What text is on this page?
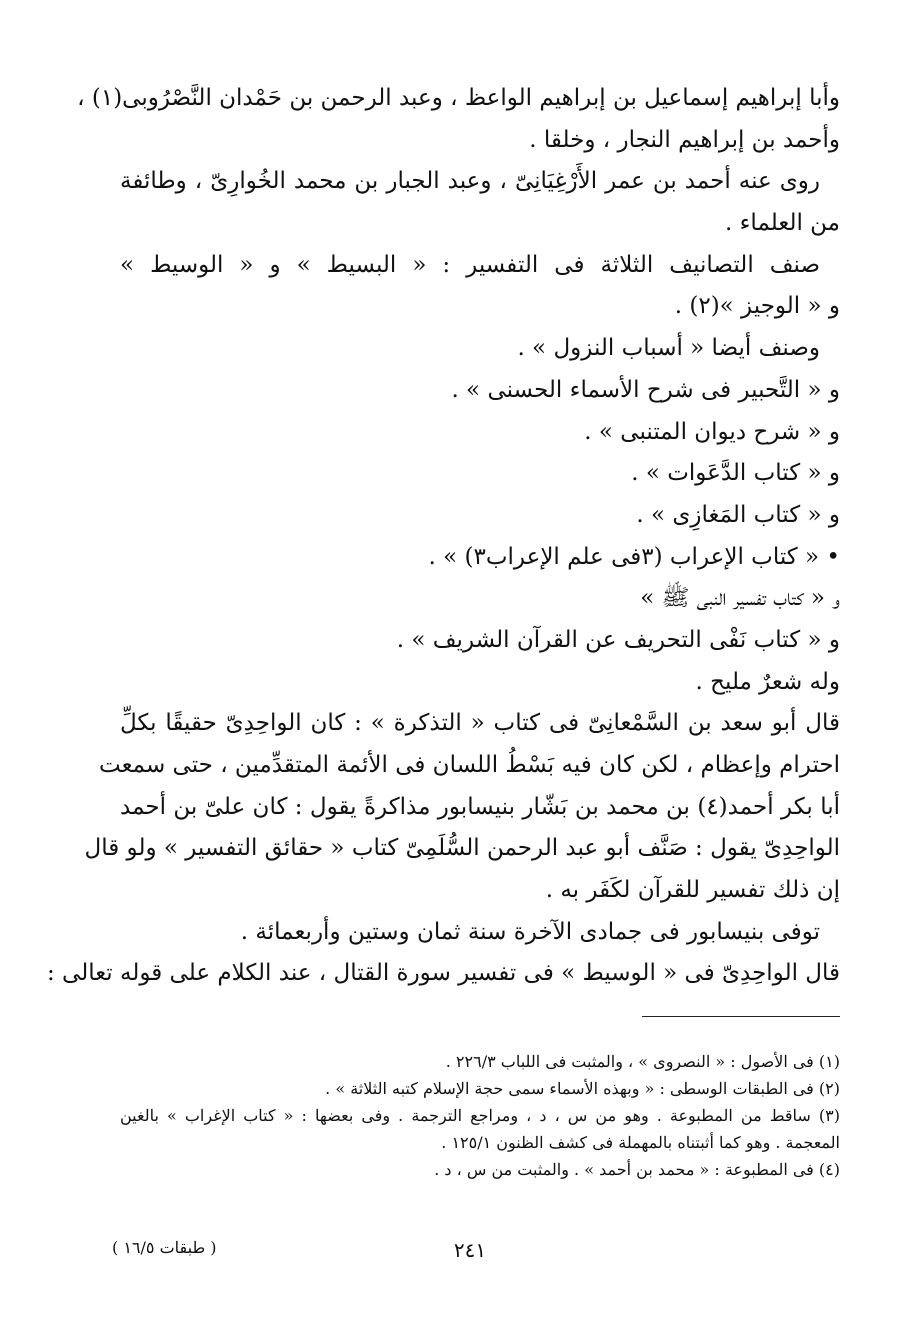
وأبا إبراهيم إسماعيل بن إبراهيم الواعظ ، وعبد الرحمن بن حَمْدان النَّصْرُوبى(١) ،
وأحمد بن إبراهيم النجار ، وخلقا .
روى عنه أحمد بن عمر الأَرْغِيَانِىّ ، وعبد الجبار بن محمد الخُوارِىّ ، وطائفة
من العلماء .
صنف التصانيف الثلاثة فى التفسير : « البسيط » و « الوسيط »
و « الوجيز »(٢) .
وصنف أيضا « أسباب النزول » .
و « التَّحبير فى شرح الأسماء الحسنى » .
و « شرح ديوان المتنبى » .
و « كتاب الدَّعَوات » .
و « كتاب المَغازِى » .
• « كتاب الإعراب (٣فى علم الإعراب٣) » .
و « كتاب تفسير النبى ﷺ »
و « كتاب نَفْى التحريف عن القرآن الشريف » .
وله شعرٌ مليح .
قال أبو سعد بن السَّمْعانِىّ فى كتاب « التذكرة » : كان الواحِدِىّ حقيقًا بكلِّ
احترام وإعظام ، لكن كان فيه بَسْطُ اللسان فى الأئمة المتقدِّمين ، حتى سمعت
أبا بكر أحمد(٤) بن محمد بن بَشّار بنيسابور مذاكرةً يقول : كان علىّ بن أحمد
الواحِدِىّ يقول : صَنَّف أبو عبد الرحمن السُّلَمِىّ كتاب « حقائق التفسير » ولو قال
إن ذلك تفسير للقرآن لكَفَر به .
توفى بنيسابور فى جمادى الآخرة سنة ثمان وستين وأربعمائة .
قال الواحِدِىّ فى « الوسيط » فى تفسير سورة القتال ، عند الكلام على قوله تعالى :
(١) فى الأصول : « النصروى » ، والمثبت فى اللباب ٢٢٦/٣ .
(٢) فى الطبقات الوسطى : « وبهذه الأسماء سمى حجة الإسلام كتبه الثلاثة » .
(٣) ساقط من المطبوعة . وهو من س ، د ، ومراجع الترجمة . وفى بعضها : « كتاب الإغراب » بالغين
المعجمة . وهو كما أثبتناه بالمهملة فى كشف الظنون ١٢٥/١ .
(٤) فى المطبوعة : « محمد بن أحمد » . والمثبت من س ، د .
٢٤١
( طبقات ١٦/٥ )
